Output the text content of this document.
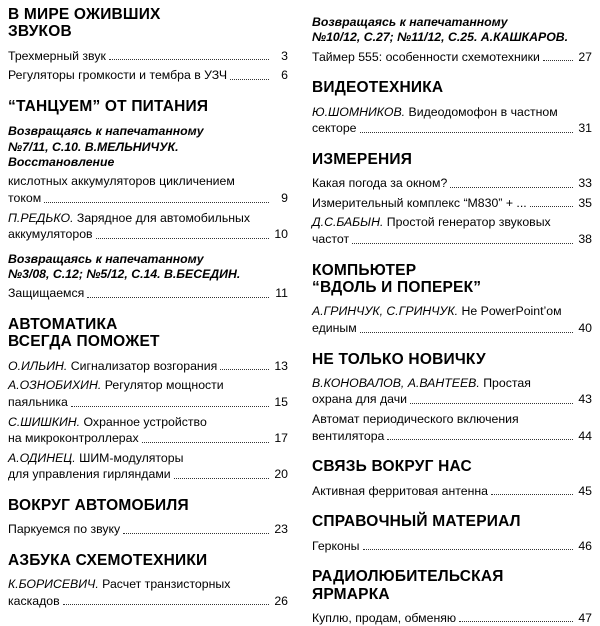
В МИРЕ ОЖИВШИХ
ЗВУКОВ
Трехмерный звук	3
Регуляторы громкости и тембра в УЗЧ	6
“ТАНЦУЕМ” ОТ ПИТАНИЯ
Возвращаясь к напечатанному
№7/11, С.10. В.МЕЛЬНИЧУК. Восстановление
кислотных аккумуляторов цикличением
током	9
П.РЕДЬКО. Зарядное для автомобильных
аккумуляторов	10
Возвращаясь к напечатанному
№3/08, С.12; №5/12, С.14. В.БЕСЕДИН.
Защищаемся	11
АВТОМАТИКА
ВСЕГДА ПОМОЖЕТ
О.ИЛЬИН. Сигнализатор возгорания	13
А.ОЗНОБИХИН. Регулятор мощности
паяльника	15
С.ШИШКИН. Охранное устройство
на микроконтроллерах	17
А.ОДИНЕЦ. ШИМ-модуляторы
для управления гирляндами	20
ВОКРУГ АВТОМОБИЛЯ
Паркуемся по звуку	23
АЗБУКА СХЕМОТЕХНИКИ
К.БОРИСЕВИЧ. Расчет транзисторных
каскадов	26
Возвращаясь к напечатанному
№10/12, С.27; №11/12, С.25. А.КАШКАРОВ.
Таймер 555: особенности схемотехники	27
ВИДЕОТЕХНИКА
Ю.ШОМНИКОВ. Видеодомофон в частном
секторе	31
ИЗМЕРЕНИЯ
Какая погода за окном?	33
Измерительный комплекс “М830” + ...	35
Д.С.БАБЫН. Простой генератор звуковых
частот	38
КОМПЬЮТЕР
“ВДОЛЬ И ПОПЕРЕК”
А.ГРИНЧУК, С.ГРИНЧУК. Не PowerPoint’ом
единым	40
НЕ ТОЛЬКО НОВИЧКУ
В.КОНОВАЛОВ, А.ВАНТЕЕВ. Простая
охрана для дачи	43
Автомат периодического включения
вентилятора	44
СВЯЗЬ ВОКРУГ НАС
Активная ферритовая антенна	45
СПРАВОЧНЫЙ МАТЕРИАЛ
Герконы	46
РАДИОЛЮБИТЕЛЬСКАЯ
ЯРМАРКА
Куплю, продам, обменяю	47
